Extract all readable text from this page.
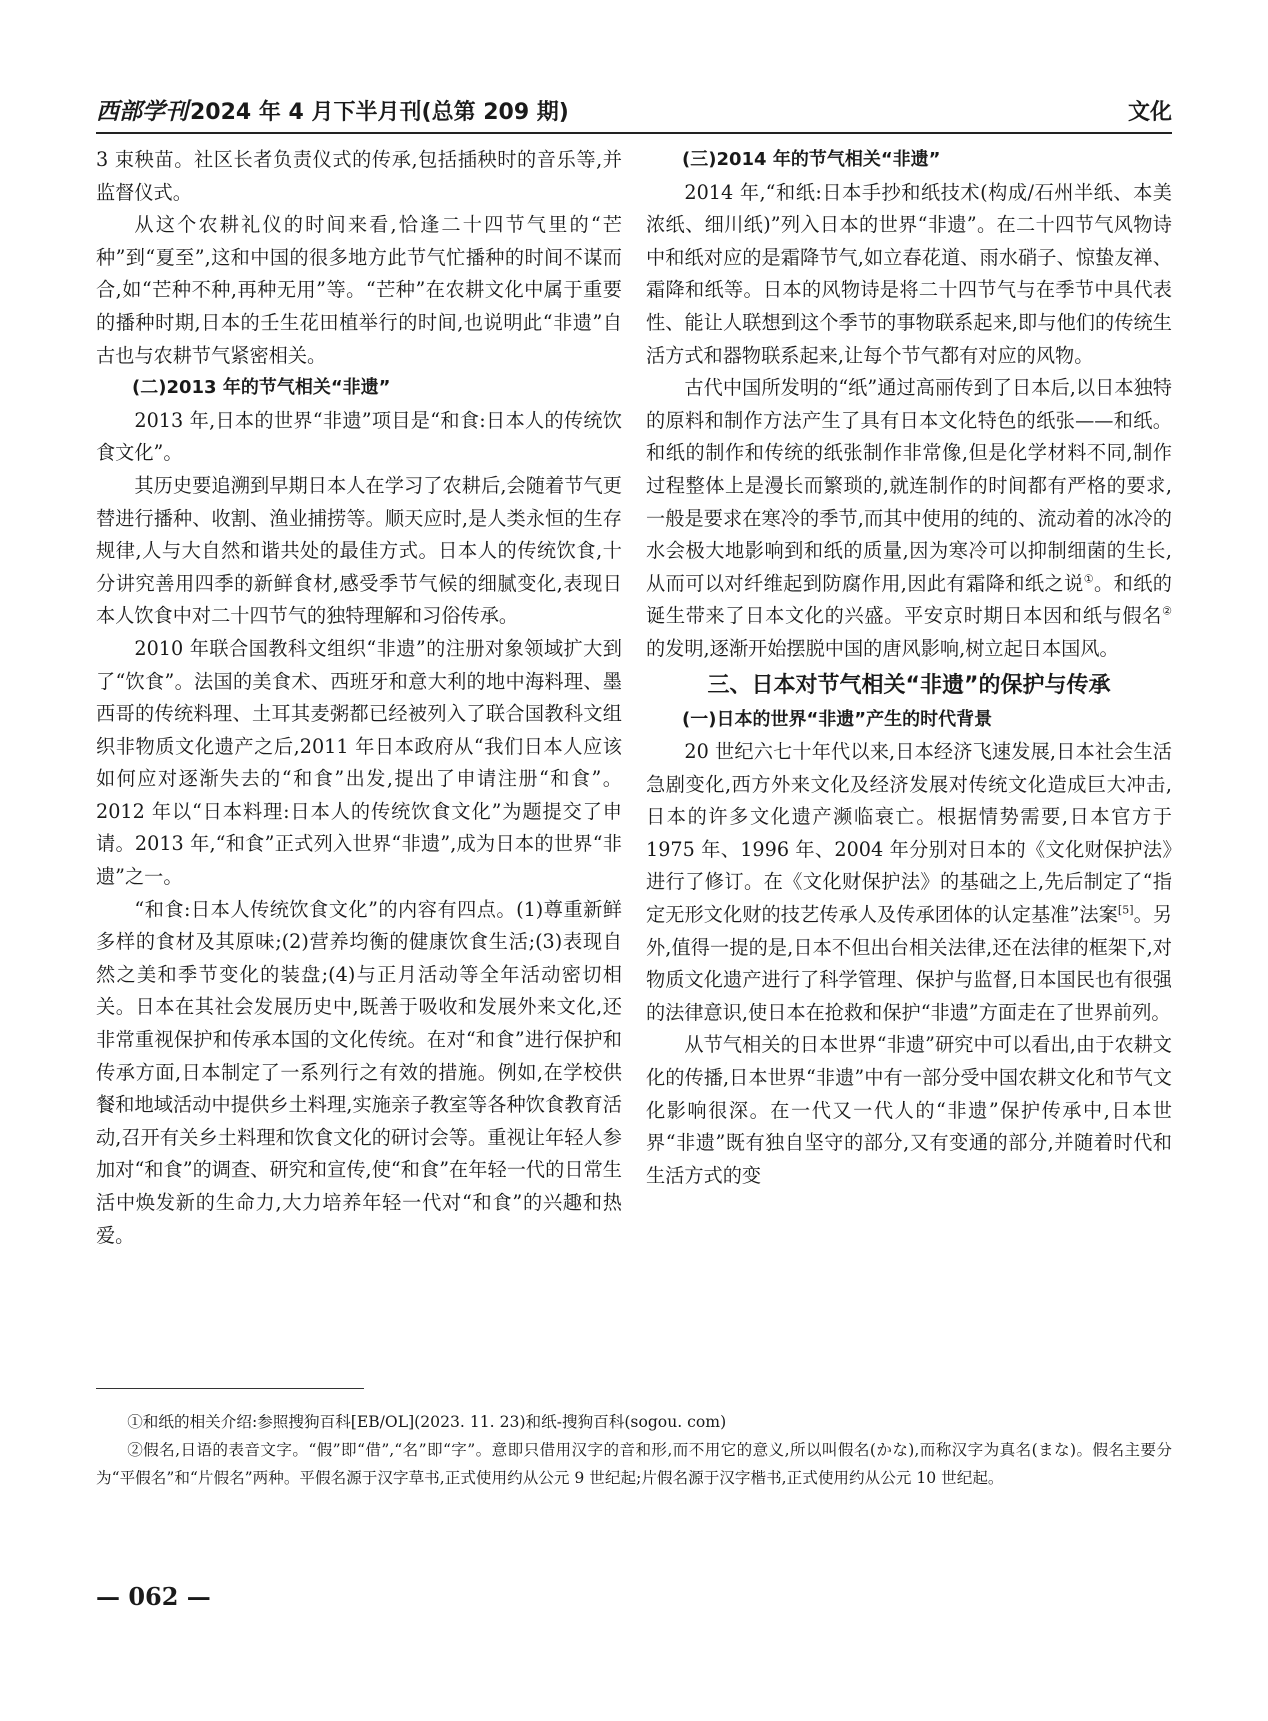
西部学刊 2024 年 4 月下半月刊(总第 209 期)	文化

3 束秧苗。社区长者负责仪式的传承,包括插秧时的音乐等,并监督仪式。

从这个农耕礼仪的时间来看,恰逢二十四节气里的“芒种”到“夏至”,这和中国的很多地方此节气忙播种的时间不谋而合,如“芒种不种,再种无用”等。“芒种”在农耕文化中属于重要的播种时期,日本的壬生花田植举行的时间,也说明此“非遗”自古也与农耕节气紧密相关。

(二)2013 年的节气相关“非遗”

2013 年,日本的世界“非遗”项目是“和食:日本人的传统饮食文化”。

其历史要追溯到早期日本人在学习了农耕后,会随着节气更替进行播种、收割、渔业捕捞等。顺天应时,是人类永恒的生存规律,人与大自然和谐共处的最佳方式。日本人的传统饮食,十分讲究善用四季的新鲜食材,感受季节气候的细腻变化,表现日本人饮食中对二十四节气的独特理解和习俗传承。

2010 年联合国教科文组织“非遗”的注册对象领域扩大到了“饮食”。法国的美食术、西班牙和意大利的地中海料理、墨西哥的传统料理、土耳其麦粥都已经被列入了联合国教科文组织非物质文化遗产之后,2011 年日本政府从“我们日本人应该如何应对逐渐失去的“和食”出发,提出了申请注册“和食”。2012 年以“日本料理:日本人的传统饮食文化”为题提交了申请。2013 年,“和食”正式列入世界“非遗”,成为日本的世界“非遗”之一。

“和食:日本人传统饮食文化”的内容有四点。(1)尊重新鲜多样的食材及其原味;(2)营养均衡的健康饮食生活;(3)表现自然之美和季节变化的装盘;(4)与正月活动等全年活动密切相关。日本在其社会发展历史中,既善于吸收和发展外来文化,还非常重视保护和传承本国的文化传统。在对“和食”进行保护和传承方面,日本制定了一系列行之有效的措施。例如,在学校供餐和地域活动中提供乡土料理,实施亲子教室等各种饮食教育活动,召开有关乡土料理和饮食文化的研讨会等。重视让年轻人参加对“和食”的调查、研究和宣传,使“和食”在年轻一代的日常生活中焕发新的生命力,大力培养年轻一代对“和食”的兴趣和热爱。

(三)2014 年的节气相关“非遗”

2014 年,“和纸:日本手抄和纸技术(构成/石州半纸、本美浓纸、细川纸)”列入日本的世界“非遗”。在二十四节气风物诗中和纸对应的是霜降节气,如立春花道、雨水硝子、惊蛰友禅、霜降和纸等。日本的风物诗是将二十四节气与在季节中具代表性、能让人联想到这个季节的事物联系起来,即与他们的传统生活方式和器物联系起来,让每个节气都有对应的风物。

古代中国所发明的“纸”通过高丽传到了日本后,以日本独特的原料和制作方法产生了具有日本文化特色的纸张——和纸。和纸的制作和传统的纸张制作非常像,但是化学材料不同,制作过程整体上是漫长而繁琐的,就连制作的时间都有严格的要求,一般是要求在寒冷的季节,而其中使用的纯的、流动着的冰冷的水会极大地影响到和纸的质量,因为寒冷可以抑制细菌的生长,从而可以对纤维起到防腐作用,因此有霜降和纸之说①。和纸的诞生带来了日本文化的兴盛。平安京时期日本因和纸与假名②的发明,逐渐开始摆脱中国的唐风影响,树立起日本国风。

三、日本对节气相关“非遗”的保护与传承
(一)日本的世界“非遗”产生的时代背景

20 世纪六七十年代以来,日本经济飞速发展,日本社会生活急剧变化,西方外来文化及经济发展对传统文化造成巨大冲击,日本的许多文化遗产濒临衰亡。根据情势需要,日本官方于 1975 年、1996 年、2004 年分别对日本的《文化财保护法》进行了修订。在《文化财保护法》的基础之上,先后制定了“指定无形文化财的技艺传承人及传承团体的认定基准”法案[5]。另外,值得一提的是,日本不但出台相关法律,还在法律的框架下,对物质文化遗产进行了科学管理、保护与监督,日本国民也有很强的法律意识,使日本在抢救和保护“非遗”方面走在了世界前列。

从节气相关的日本世界“非遗”研究中可以看出,由于农耕文化的传播,日本世界“非遗”中有一部分受中国农耕文化和节气文化影响很深。在一代又一代人的“非遗”保护传承中,日本世界“非遗”既有独自坚守的部分,又有变通的部分,并随着时代和生活方式的变

①和纸的相关介绍:参照搜狗百科[EB/OL](2023. 11. 23)和纸-搜狗百科(sogou. com)

②假名,日语的表音文字。“假”即“借”,“名”即“字”。意即只借用汉字的音和形,而不用它的意义,所以叫假名(かな),而称汉字为真名(まな)。假名主要分为“平假名”和“片假名”两种。平假名源于汉字草书,正式使用约从公元 9 世纪起;片假名源于汉字楷书,正式使用约从公元 10 世纪起。

— 062 —
